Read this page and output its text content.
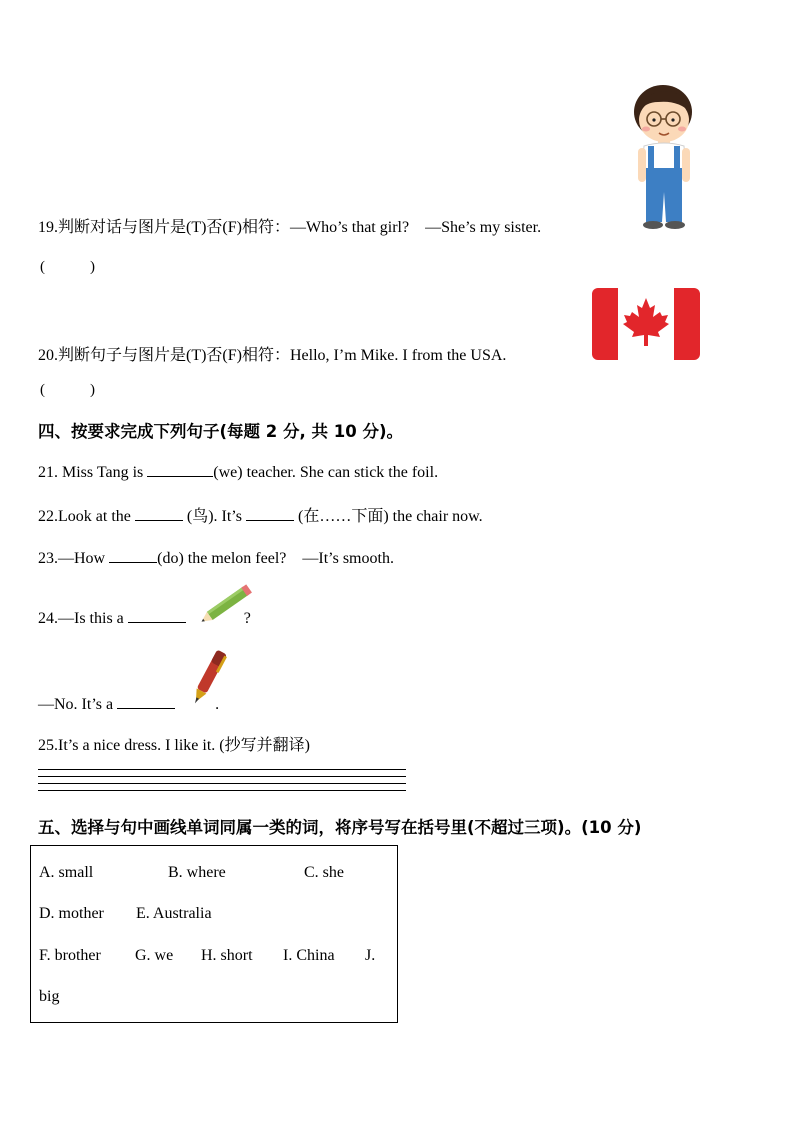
19.判断对话与图片是(T)否(F)相符：—Who’s that girl?　—She’s my sister.
(　　　)
20.判断句子与图片是(T)否(F)相符：Hello, I’m Mike. I from the USA.
(　　　)
四、按要求完成下列句子(每题 2 分, 共 10 分)。
21. Miss Tang is	(we) teacher. She can stick the foil.
22.Look at the	(鸟). It’s	(在……下面) the chair now.
23.—How	(do) the melon feel?　—It’s smooth.
24.—Is this a	?
—No. It’s a	.
25.It’s a nice dress. I like it. (抄写并翻译)
五、选择与句中画线单词同属一类的词，将序号写在括号里(不超过三项)。(10 分)
A. small	B. where	C. she
D. mother E. Australia
F. brother G. we H. short I. China J.
big
